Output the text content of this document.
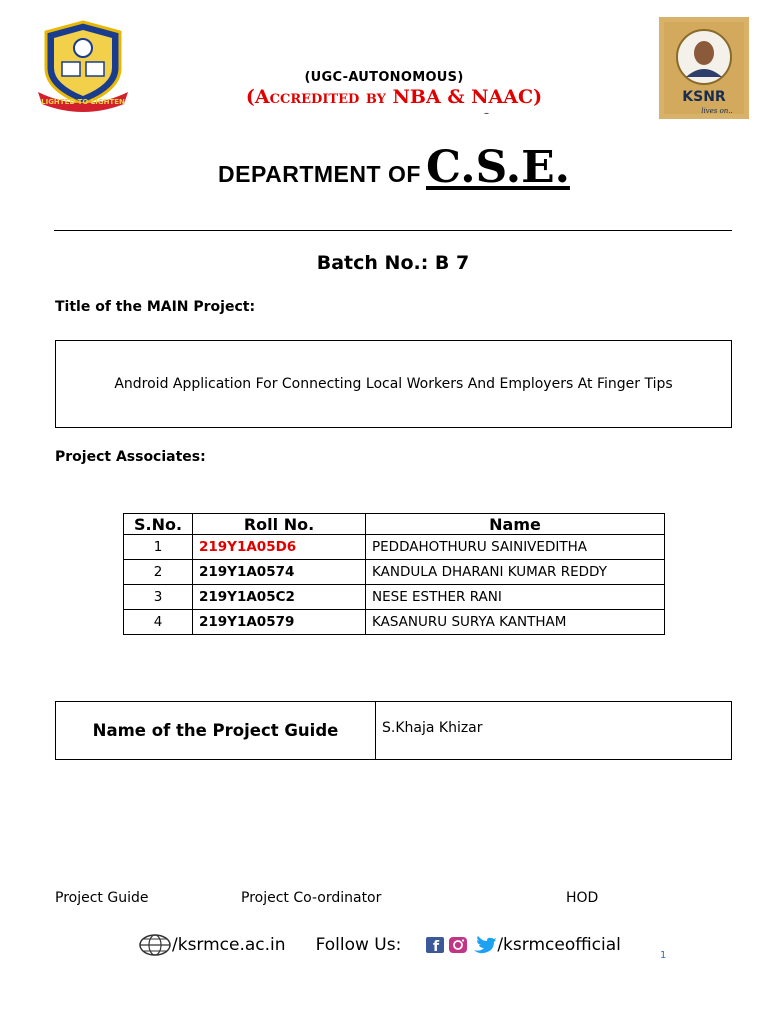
LIGHTED TO LIGHTEN	KSNR
lives on..
(UGC-AUTONOMOUS)
(Accredited by NBA & NAAC)
–
DEPARTMENT OF C.S.E.
Batch No.: B 7
Title of the MAIN Project:
Android Application For Connecting Local Workers And Employers At Finger Tips
Project Associates:
S.No.	Roll No.	Name
1	219Y1A05D6	PEDDAHOTHURU SAINIVEDITHA
2	219Y1A0574	KANDULA DHARANI KUMAR REDDY
3	219Y1A05C2	NESE ESTHER RANI
4	219Y1A0579	KASANURU SURYA KANTHAM
Name of the Project Guide	S.Khaja Khizar
Project Guide	Project Co-ordinator	HOD
/ksrmce.ac.in Follow Us: f	/ksrmceofficial
1
